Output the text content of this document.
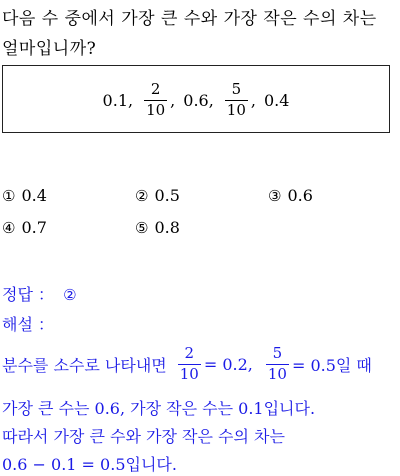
다음 수 중에서 가장 큰 수와 가장 작은 수의 차는
얼마입니까?
0.1, $\frac{2}{10}$ , 0.6, $\frac{5}{10}$ , 0.4
① 0.4	② 0.5	③ 0.6
④ 0.7	⑤ 0.8
정답 ： ②
해설 ：
분수를 소수로 나타내면 $\frac{2}{10} = 0.2$, $\frac{5}{10} = 0.5$일 때
가장 큰 수는 0.6, 가장 작은 수는 0.1입니다.
따라서 가장 큰 수와 가장 작은 수의 차는
0.6 − 0.1 = 0.5입니다.
